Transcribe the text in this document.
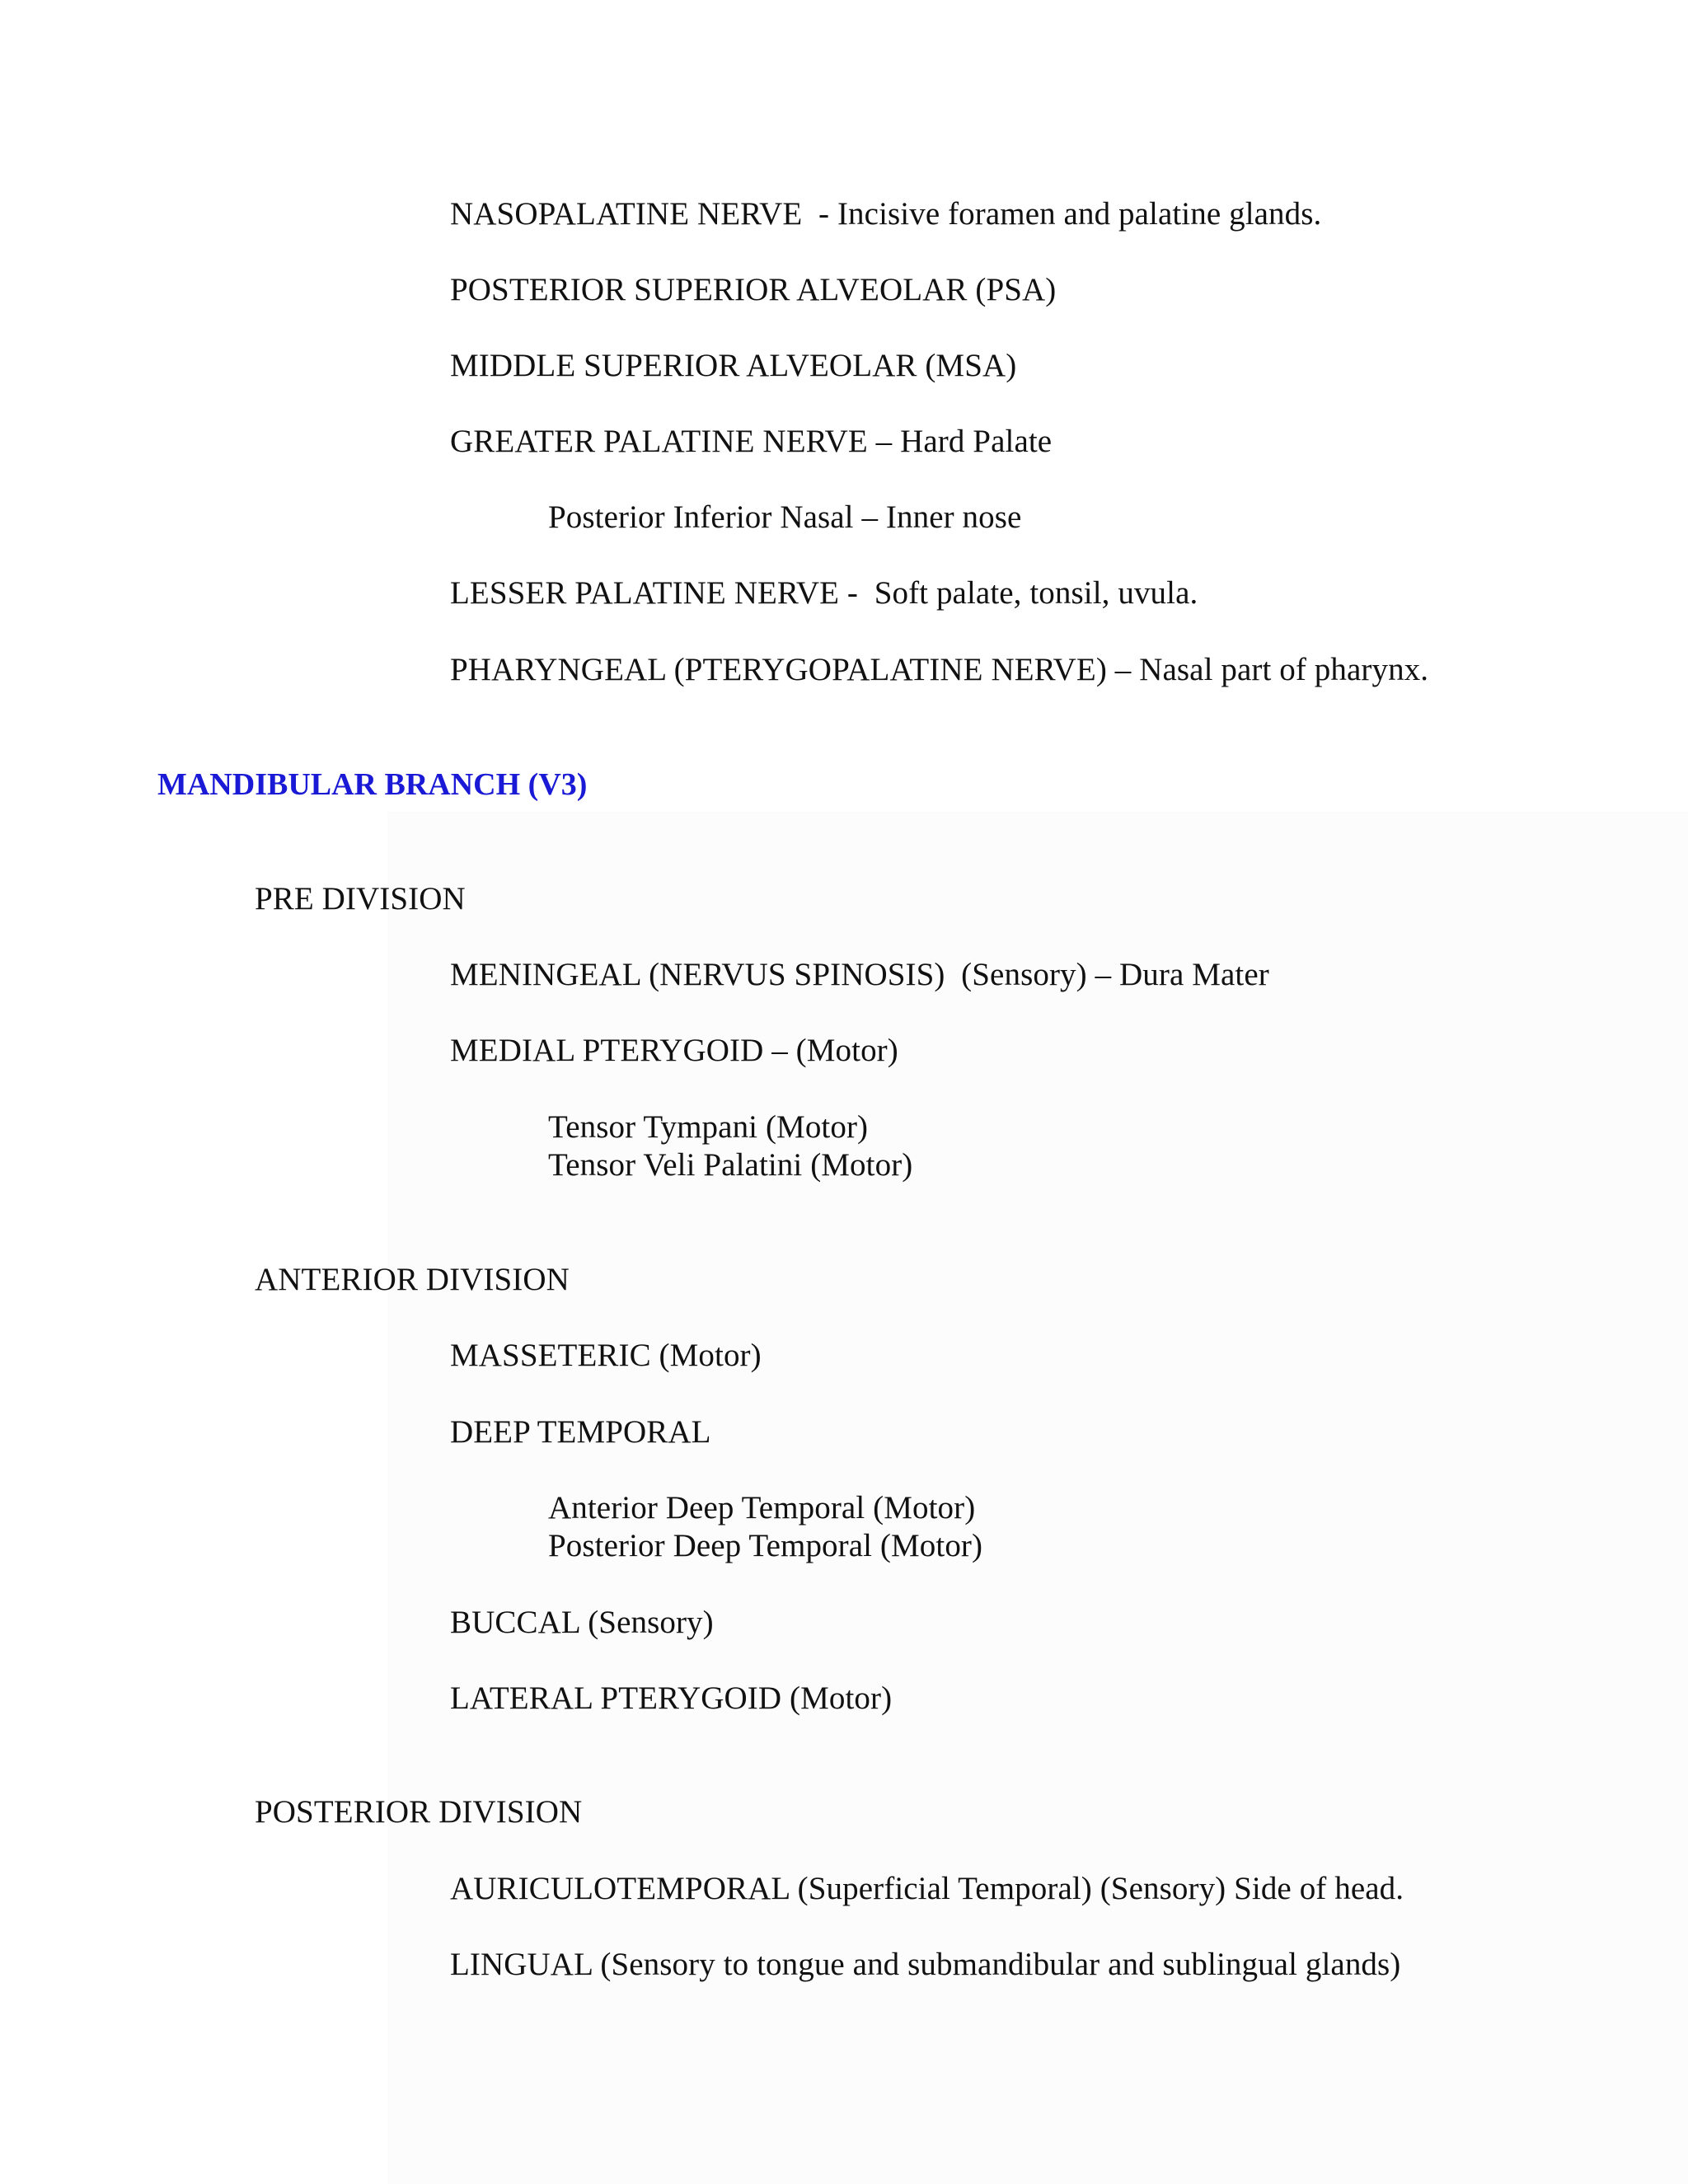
NASOPALATINE NERVE  - Incisive foramen and palatine glands.
POSTERIOR SUPERIOR ALVEOLAR (PSA)
MIDDLE SUPERIOR ALVEOLAR (MSA)
GREATER PALATINE NERVE – Hard Palate
Posterior Inferior Nasal – Inner nose
LESSER PALATINE NERVE -  Soft palate, tonsil, uvula.
PHARYNGEAL (PTERYGOPALATINE NERVE) – Nasal part of pharynx.
MANDIBULAR BRANCH (V3)
PRE DIVISION
MENINGEAL (NERVUS SPINOSIS)  (Sensory) – Dura Mater
MEDIAL PTERYGOID – (Motor)
Tensor Tympani (Motor)
Tensor Veli Palatini (Motor)
ANTERIOR DIVISION
MASSETERIC (Motor)
DEEP TEMPORAL
Anterior Deep Temporal (Motor)
Posterior Deep Temporal (Motor)
BUCCAL (Sensory)
LATERAL PTERYGOID (Motor)
POSTERIOR DIVISION
AURICULOTEMPORAL (Superficial Temporal) (Sensory) Side of head.
LINGUAL (Sensory to tongue and submandibular and sublingual glands)
